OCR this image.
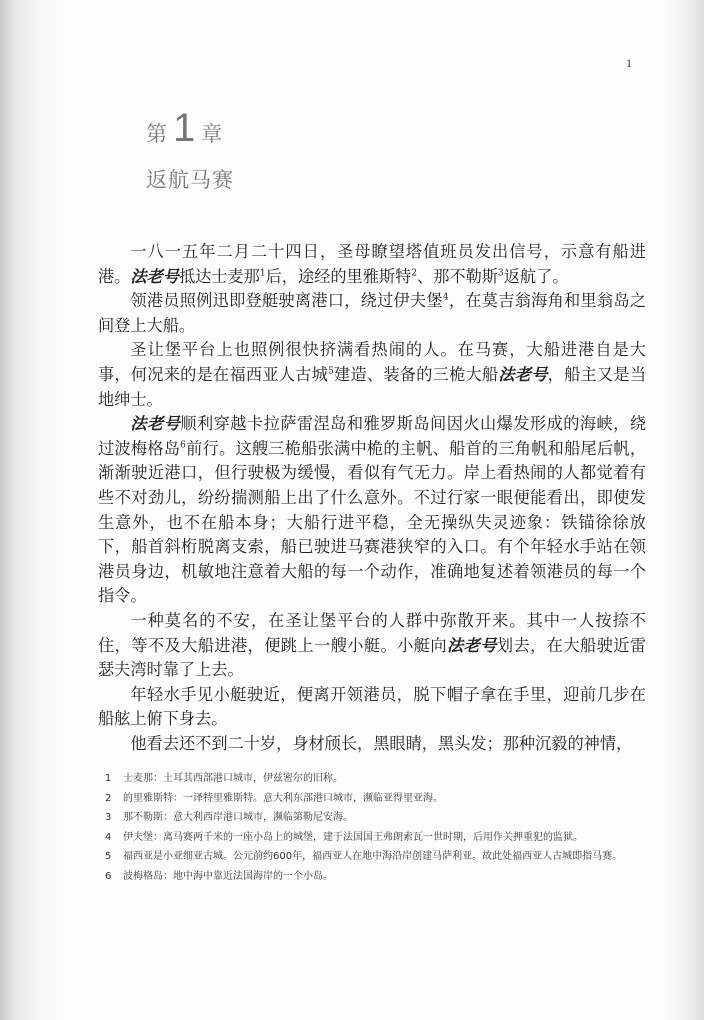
1
第 1 章
返航马赛

一八一五年二月二十四日，圣母瞭望塔值班员发出信号，示意有船进港。法老号抵达士麦那$^1$后，途经的里雅斯特$^2$、那不勒斯$^3$返航了。

领港员照例迅即登艇驶离港口，绕过伊夫堡$^4$，在莫吉翁海角和里翁岛之间登上大船。

圣让堡平台上也照例很快挤满看热闹的人。在马赛，大船进港自是大事，何况来的是在福西亚人古城$^5$建造、装备的三桅大船法老号，船主又是当地绅士。

法老号顺利穿越卡拉萨雷涅岛和雅罗斯岛间因火山爆发形成的海峡，绕过波梅格岛$^6$前行。这艘三桅船张满中桅的主帆、船首的三角帆和船尾后帆，渐渐驶近港口，但行驶极为缓慢，看似有气无力。岸上看热闹的人都觉着有些不对劲儿，纷纷揣测船上出了什么意外。不过行家一眼便能看出，即使发生意外，也不在船本身；大船行进平稳，全无操纵失灵迹象：铁锚徐徐放下，船首斜桁脱离支索，船已驶进马赛港狭窄的入口。有个年轻水手站在领港员身边，机敏地注意着大船的每一个动作，准确地复述着领港员的每一个指令。

一种莫名的不安，在圣让堡平台的人群中弥散开来。其中一人按捺不住，等不及大船进港，便跳上一艘小艇。小艇向法老号划去，在大船驶近雷瑟夫湾时靠了上去。

年轻水手见小艇驶近，便离开领港员，脱下帽子拿在手里，迎前几步在船舷上俯下身去。

他看去还不到二十岁，身材颀长，黑眼睛，黑头发；那种沉毅的神情，

1	士麦那：土耳其西部港口城市，伊兹密尔的旧称。
2	的里雅斯特：一译特里雅斯特。意大利东部港口城市，濒临亚得里亚海。
3	那不勒斯：意大利西岸港口城市，濒临第勒尼安海。
4	伊夫堡：离马赛两千米的一座小岛上的城堡，建于法国国王弗朗索瓦一世时期，后用作关押重犯的监狱。
5	福西亚是小亚细亚古城。公元前约600年，福西亚人在地中海沿岸创建马萨利亚。故此处福西亚人古城即指马赛。
6	波梅格岛：地中海中靠近法国海岸的一个小岛。
